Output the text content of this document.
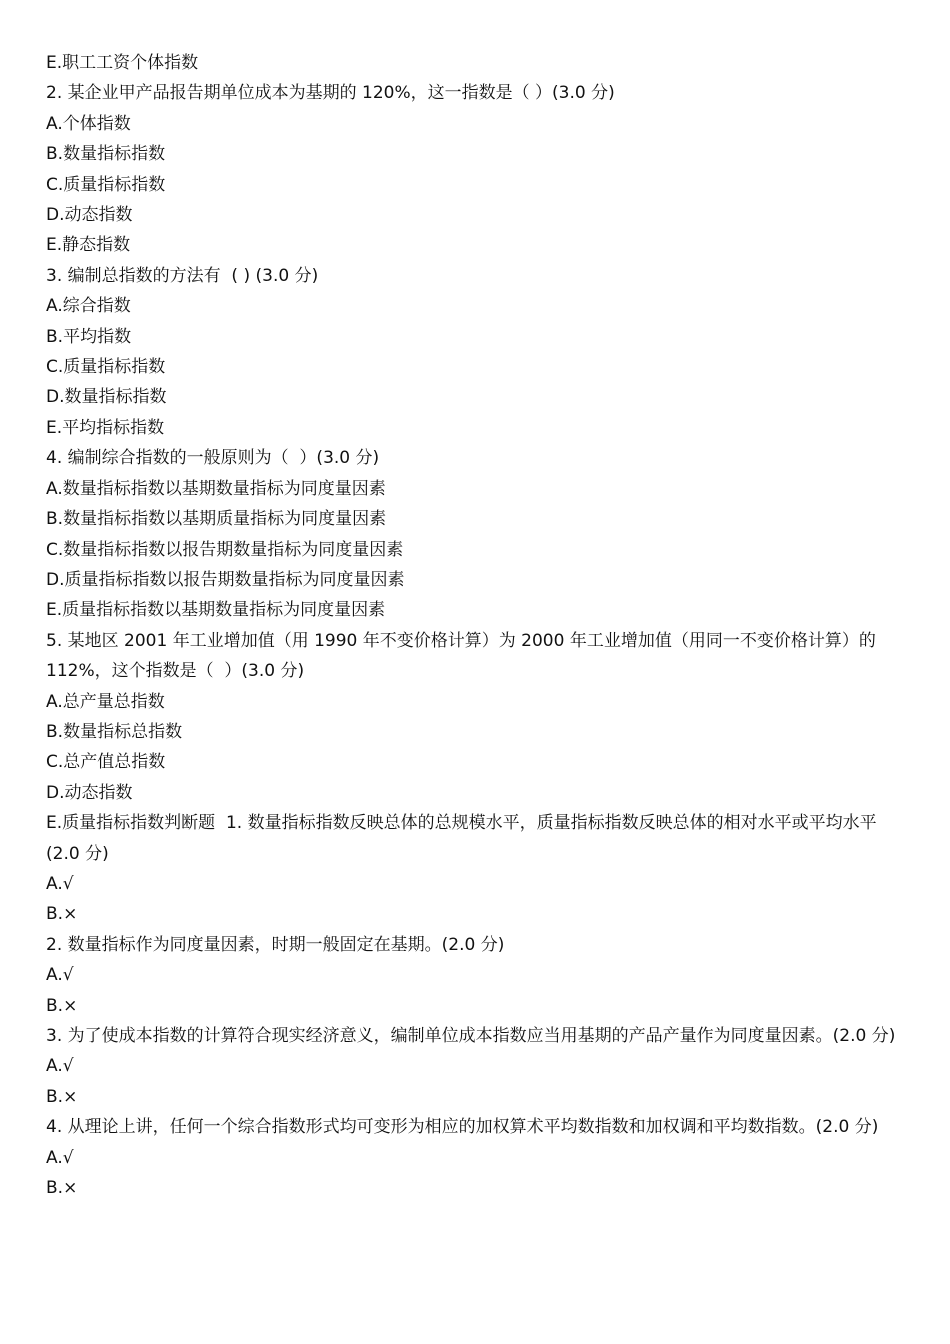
E.职工工资个体指数

2. 某企业甲产品报告期单位成本为基期的 120%，这一指数是（ ）(3.0 分)

A.个体指数

B.数量指标指数

C.质量指标指数

D.动态指数

E.静态指数

3. 编制总指数的方法有  ( ) (3.0 分)

A.综合指数

B.平均指数

C.质量指标指数

D.数量指标指数

E.平均指标指数

4. 编制综合指数的一般原则为（  ）(3.0 分)

A.数量指标指数以基期数量指标为同度量因素

B.数量指标指数以基期质量指标为同度量因素

C.数量指标指数以报告期数量指标为同度量因素

D.质量指标指数以报告期数量指标为同度量因素

E.质量指标指数以基期数量指标为同度量因素

5. 某地区 2001 年工业增加值（用 1990 年不变价格计算）为 2000 年工业增加值（用同一不变价格计算）的 112%，这个指数是（  ）(3.0 分)

A.总产量总指数

B.数量指标总指数

C.总产值总指数

D.动态指数

E.质量指标指数判断题  1. 数量指标指数反映总体的总规模水平，质量指标指数反映总体的相对水平或平均水平(2.0 分)

A.√

B.×

2. 数量指标作为同度量因素，时期一般固定在基期。(2.0 分)

A.√

B.×

3. 为了使成本指数的计算符合现实经济意义，编制单位成本指数应当用基期的产品产量作为同度量因素。(2.0 分)

A.√

B.×

4. 从理论上讲，任何一个综合指数形式均可变形为相应的加权算术平均数指数和加权调和平均数指数。(2.0 分)

A.√

B.×
